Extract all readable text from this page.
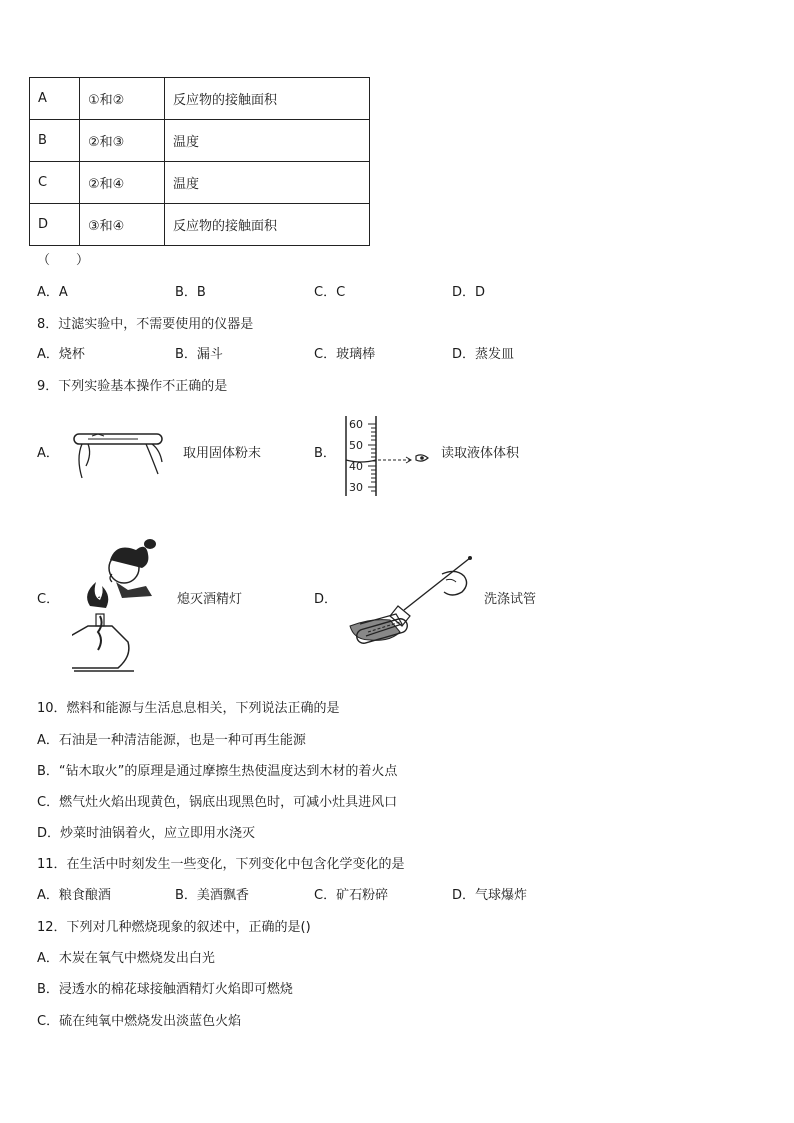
A	①和②	反应物的接触面积
B	②和③	温度
C	②和④	温度
D	③和④	反应物的接触面积
（　　）
A．A	B．B	C．C	D．D
8．过滤实验中，不需要使用的仪器是
A．烧杯	B．漏斗	C．玻璃棒	D．蒸发皿
9．下列实验基本操作不正确的是
A．	取用固体粉末	B．
60
50
40
30
读取液体体积
C．	熄灭酒精灯	D．	洗涤试管
10．燃料和能源与生活息息相关，下列说法正确的是
A．石油是一种清洁能源，也是一种可再生能源
B．“钻木取火”的原理是通过摩擦生热使温度达到木材的着火点
C．燃气灶火焰出现黄色，锅底出现黑色时，可减小灶具进风口
D．炒菜时油锅着火，应立即用水浇灭
11．在生活中时刻发生一些变化，下列变化中包含化学变化的是
A．粮食酿酒	B．美酒飘香	C．矿石粉碎	D．气球爆炸
12．下列对几种燃烧现象的叙述中，正确的是()
A．木炭在氧气中燃烧发出白光
B．浸透水的棉花球接触酒精灯火焰即可燃烧
C．硫在纯氧中燃烧发出淡蓝色火焰
